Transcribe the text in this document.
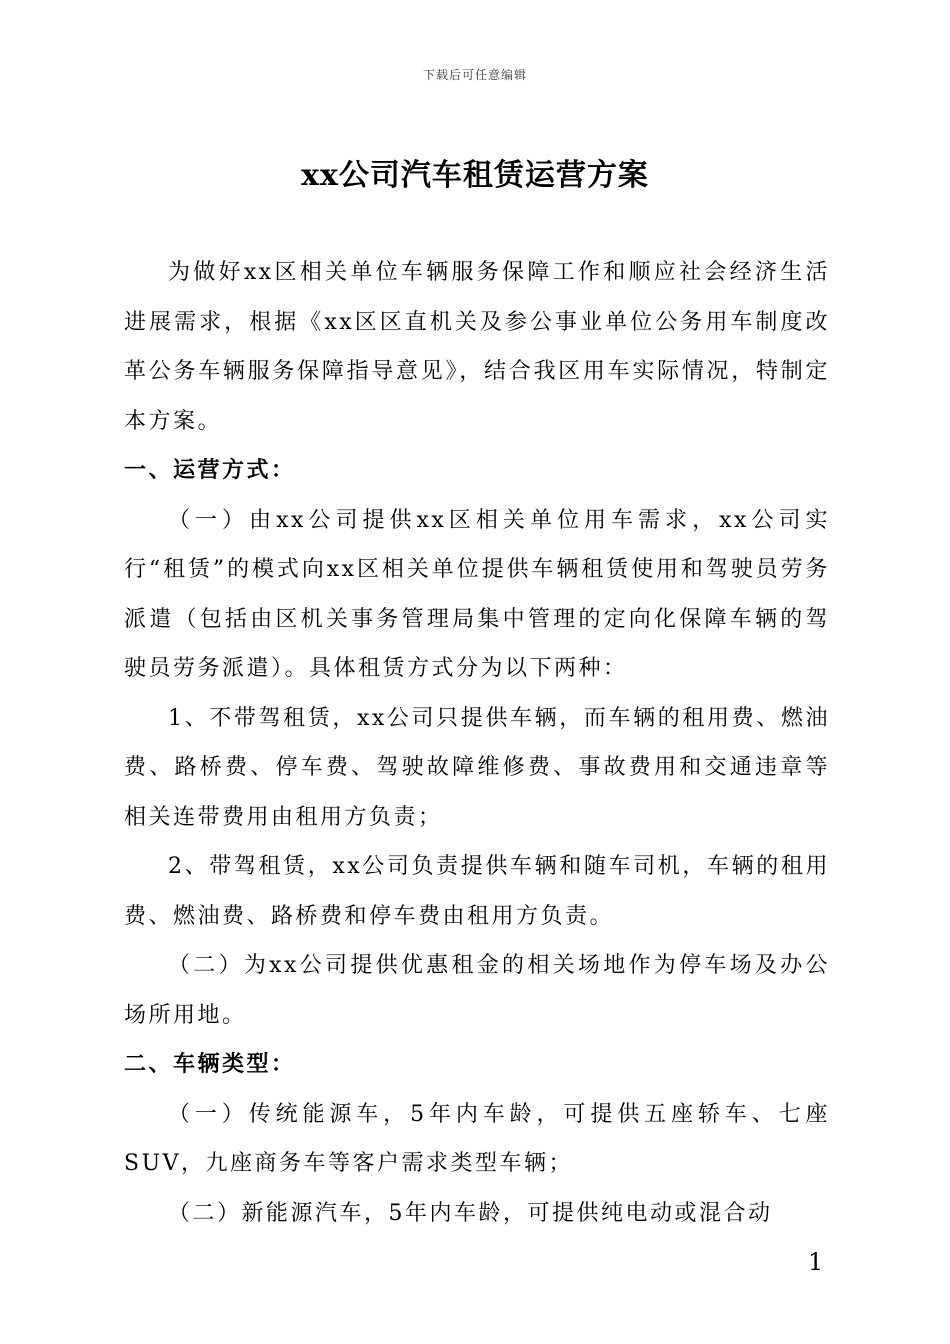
下载后可任意编辑
xx公司汽车租赁运营方案

为做好xx区相关单位车辆服务保障工作和顺应社会经济生活进展需求，根据《xx区区直机关及参公事业单位公务用车制度改革公务车辆服务保障指导意见》，结合我区用车实际情况，特制定本方案。

一、运营方式：

（一）由xx公司提供xx区相关单位用车需求，xx公司实行“租赁”的模式向xx区相关单位提供车辆租赁使用和驾驶员劳务派遣（包括由区机关事务管理局集中管理的定向化保障车辆的驾驶员劳务派遣）。具体租赁方式分为以下两种：

1、不带驾租赁，xx公司只提供车辆，而车辆的租用费、燃油费、路桥费、停车费、驾驶故障维修费、事故费用和交通违章等相关连带费用由租用方负责；

2、带驾租赁，xx公司负责提供车辆和随车司机，车辆的租用费、燃油费、路桥费和停车费由租用方负责。

（二）为xx公司提供优惠租金的相关场地作为停车场及办公场所用地。

二、车辆类型：

（一）传统能源车，5年内车龄，可提供五座轿车、七座SUV，九座商务车等客户需求类型车辆；

（二）新能源汽车，5年内车龄，可提供纯电动或混合动

1
